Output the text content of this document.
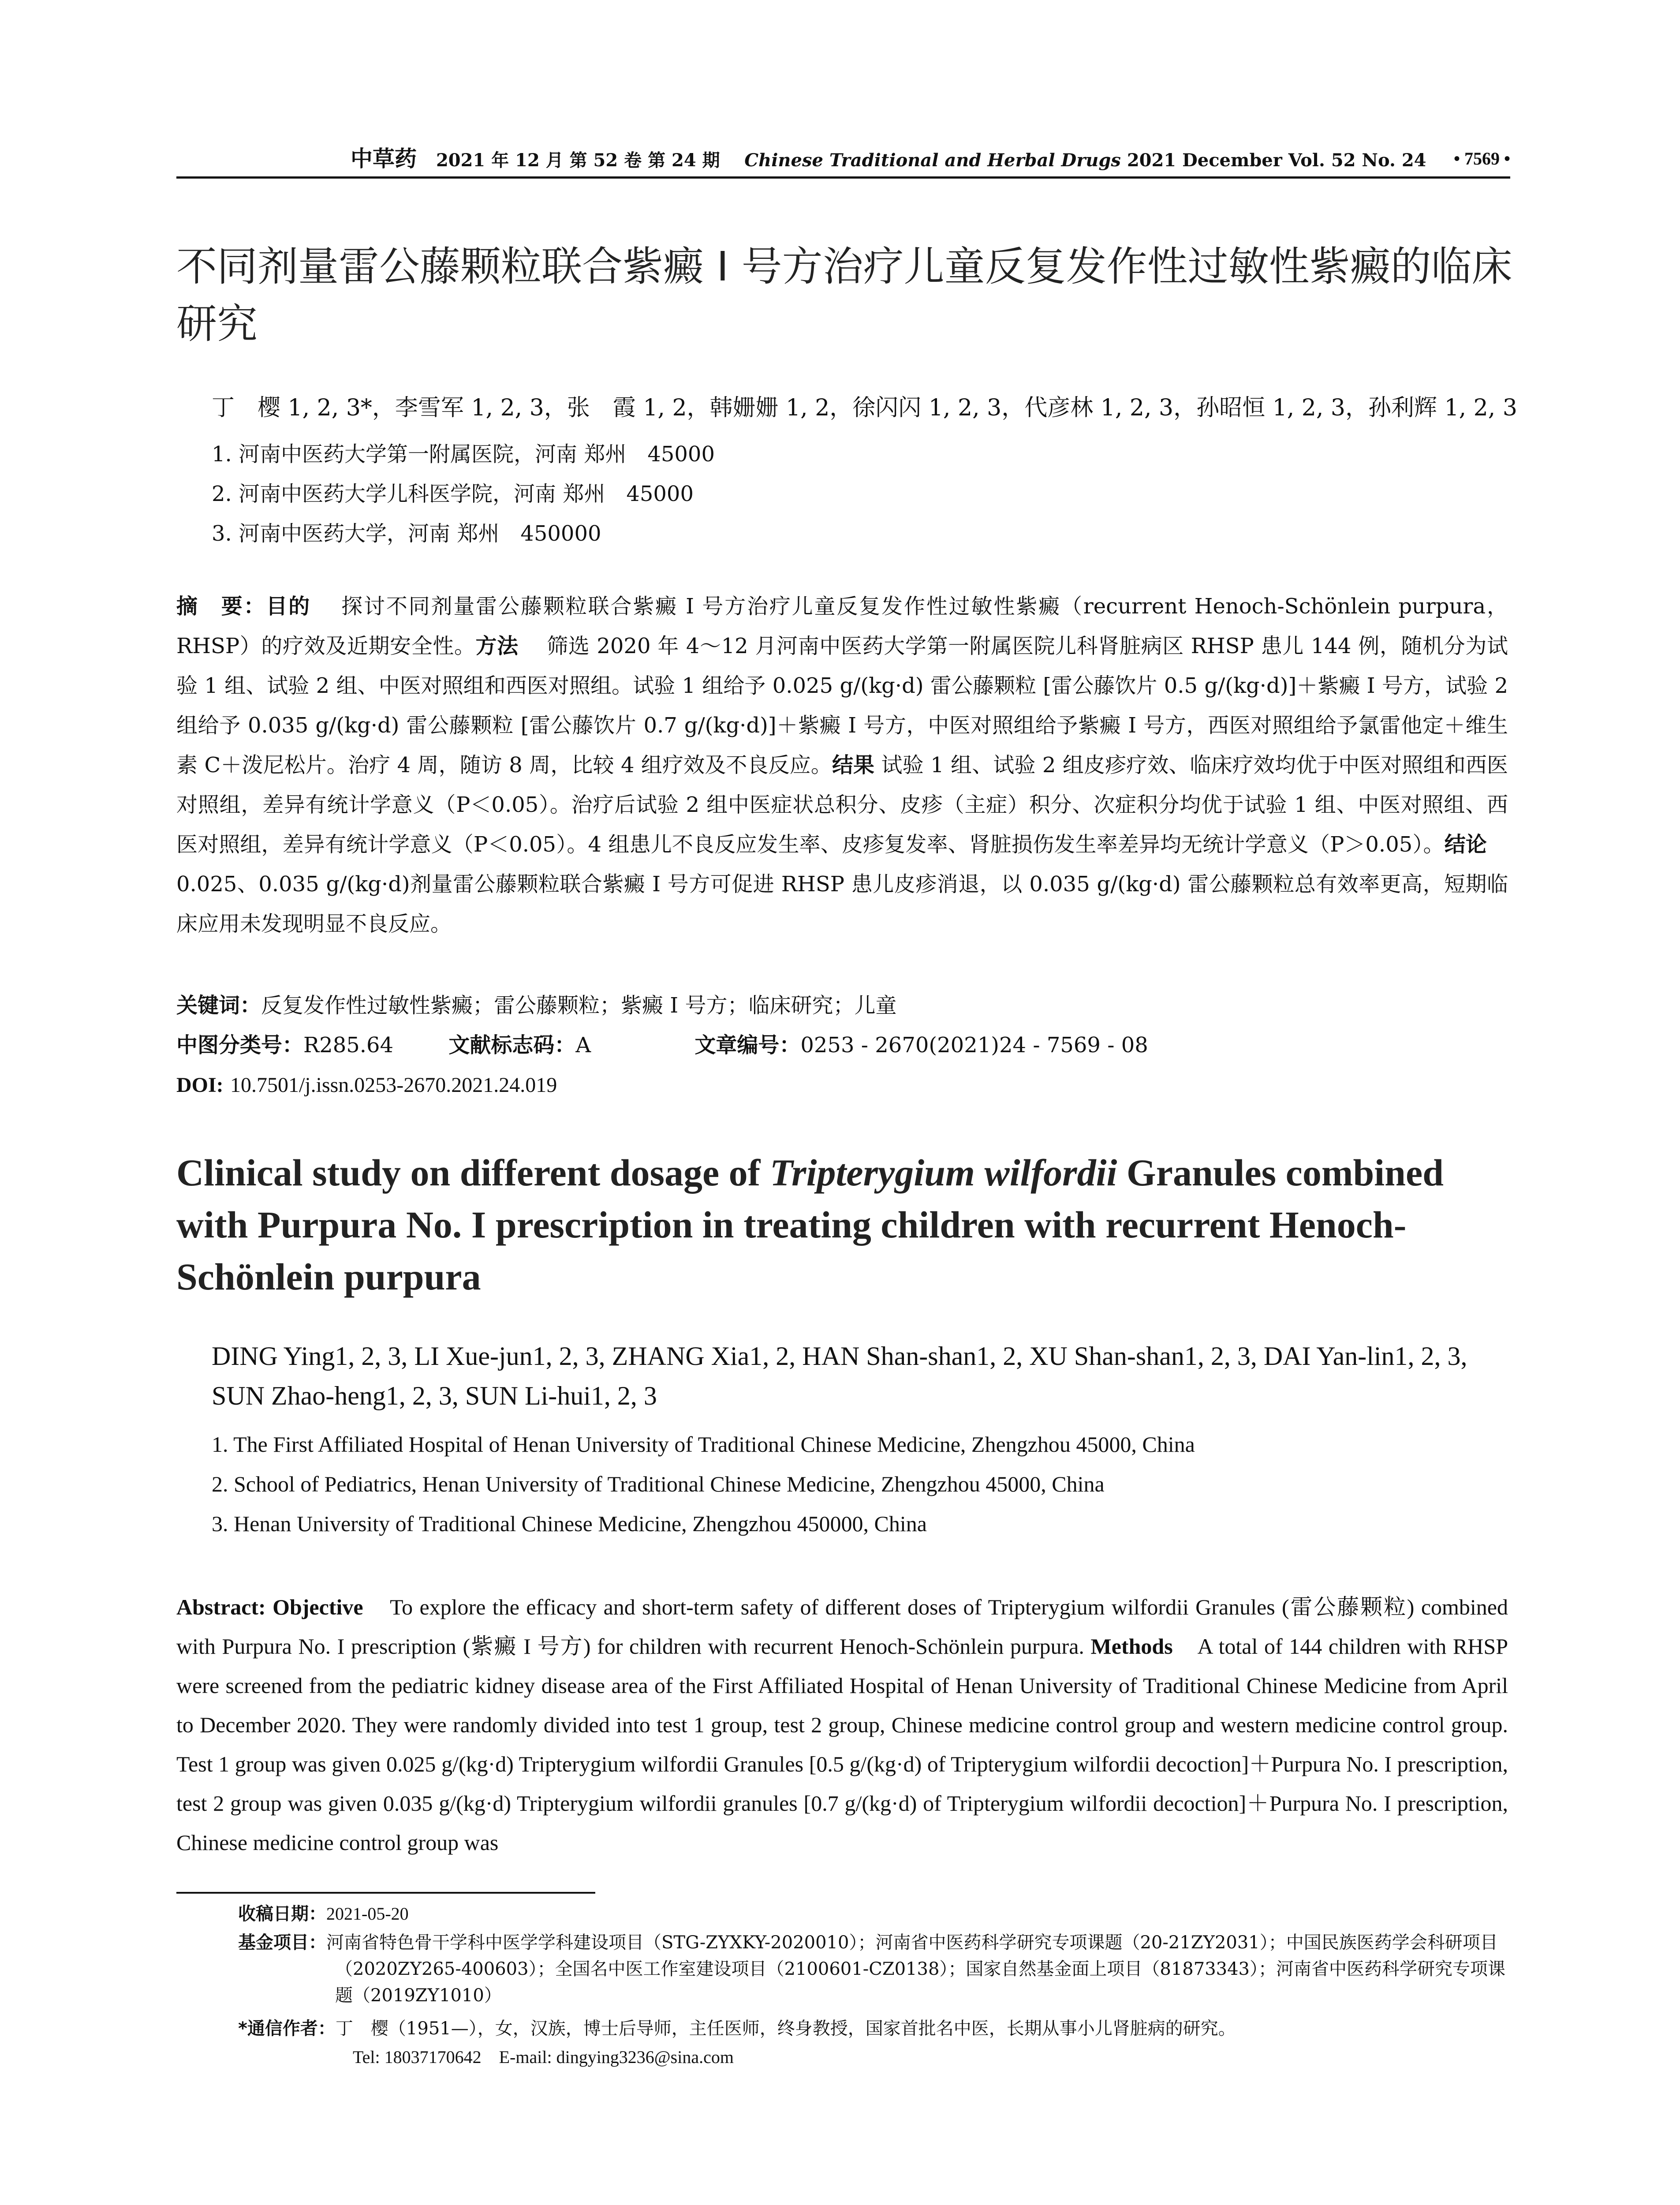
中草药 2021 年 12 月 第 52 卷 第 24 期 Chinese Traditional and Herbal Drugs 2021 December Vol. 52 No. 24 • 7569 •
不同剂量雷公藤颗粒联合紫癜 I 号方治疗儿童反复发作性过敏性紫癜的临床研究
丁　樱 1, 2, 3*，李雪军 1, 2, 3，张　霞 1, 2，韩姗姗 1, 2，徐闪闪 1, 2, 3，代彦林 1, 2, 3，孙昭恒 1, 2, 3，孙利辉 1, 2, 3
1. 河南中医药大学第一附属医院，河南 郑州　45000
2. 河南中医药大学儿科医学院，河南 郑州　45000
3. 河南中医药大学，河南 郑州　450000
摘　要：目的　 探讨不同剂量雷公藤颗粒联合紫癜 I 号方治疗儿童反复发作性过敏性紫癜（recurrent Henoch-Schönlein purpura，RHSP）的疗效及近期安全性。方法　 筛选 2020 年 4～12 月河南中医药大学第一附属医院儿科肾脏病区 RHSP 患儿 144 例，随机分为试验 1 组、试验 2 组、中医对照组和西医对照组。试验 1 组给予 0.025 g/(kg·d) 雷公藤颗粒 [雷公藤饮片 0.5 g/(kg·d)]＋紫癜 I 号方，试验 2 组给予 0.035 g/(kg·d) 雷公藤颗粒 [雷公藤饮片 0.7 g/(kg·d)]＋紫癜 I 号方，中医对照组给予紫癜 I 号方，西医对照组给予氯雷他定＋维生素 C＋泼尼松片。治疗 4 周，随访 8 周，比较 4 组疗效及不良反应。结果 试验 1 组、试验 2 组皮疹疗效、临床疗效均优于中医对照组和西医对照组，差异有统计学意义（P＜0.05）。治疗后试验 2 组中医症状总积分、皮疹（主症）积分、次症积分均优于试验 1 组、中医对照组、西医对照组，差异有统计学意义（P＜0.05）。4 组患儿不良反应发生率、皮疹复发率、肾脏损伤发生率差异均无统计学意义（P＞0.05）。结论　 0.025、0.035 g/(kg·d)剂量雷公藤颗粒联合紫癜 I 号方可促进 RHSP 患儿皮疹消退，以 0.035 g/(kg·d) 雷公藤颗粒总有效率更高，短期临床应用未发现明显不良反应。
关键词：反复发作性过敏性紫癜；雷公藤颗粒；紫癜 I 号方；临床研究；儿童
中图分类号：R285.64	文献标志码：A	文章编号：0253 - 2670(2021)24 - 7569 - 08
DOI: 10.7501/j.issn.0253-2670.2021.24.019
Clinical study on different dosage of Tripterygium wilfordii Granules combined with Purpura No. I prescription in treating children with recurrent Henoch-Schönlein purpura
DING Ying1, 2, 3, LI Xue-jun1, 2, 3, ZHANG Xia1, 2, HAN Shan-shan1, 2, XU Shan-shan1, 2, 3, DAI Yan-lin1, 2, 3, SUN Zhao-heng1, 2, 3, SUN Li-hui1, 2, 3
1. The First Affiliated Hospital of Henan University of Traditional Chinese Medicine, Zhengzhou 45000, China
2. School of Pediatrics, Henan University of Traditional Chinese Medicine, Zhengzhou 45000, China
3. Henan University of Traditional Chinese Medicine, Zhengzhou 450000, China
Abstract: Objective To explore the efficacy and short-term safety of different doses of Tripterygium wilfordii Granules (雷公藤颗粒) combined with Purpura No. I prescription (紫癜 I 号方) for children with recurrent Henoch-Schönlein purpura. Methods A total of 144 children with RHSP were screened from the pediatric kidney disease area of the First Affiliated Hospital of Henan University of Traditional Chinese Medicine from April to December 2020. They were randomly divided into test 1 group, test 2 group, Chinese medicine control group and western medicine control group. Test 1 group was given 0.025 g/(kg·d) Tripterygium wilfordii Granules [0.5 g/(kg·d) of Tripterygium wilfordii decoction]＋Purpura No. I prescription, test 2 group was given 0.035 g/(kg·d) Tripterygium wilfordii granules [0.7 g/(kg·d) of Tripterygium wilfordii decoction]＋Purpura No. I prescription, Chinese medicine control group was
收稿日期：2021-05-20
基金项目：河南省特色骨干学科中医学学科建设项目（STG-ZYXKY-2020010）；河南省中医药科学研究专项课题（20-21ZY2031）；中国民族医药学会科研项目（2020ZY265-400603）；全国名中医工作室建设项目（2100601-CZ0138）；国家自然基金面上项目（81873343）；河南省中医药科学研究专项课题（2019ZY1010）
*通信作者：丁　樱（1951—），女，汉族，博士后导师，主任医师，终身教授，国家首批名中医，长期从事小儿肾脏病的研究。
Tel: 18037170642　E-mail: dingying3236@sina.com
